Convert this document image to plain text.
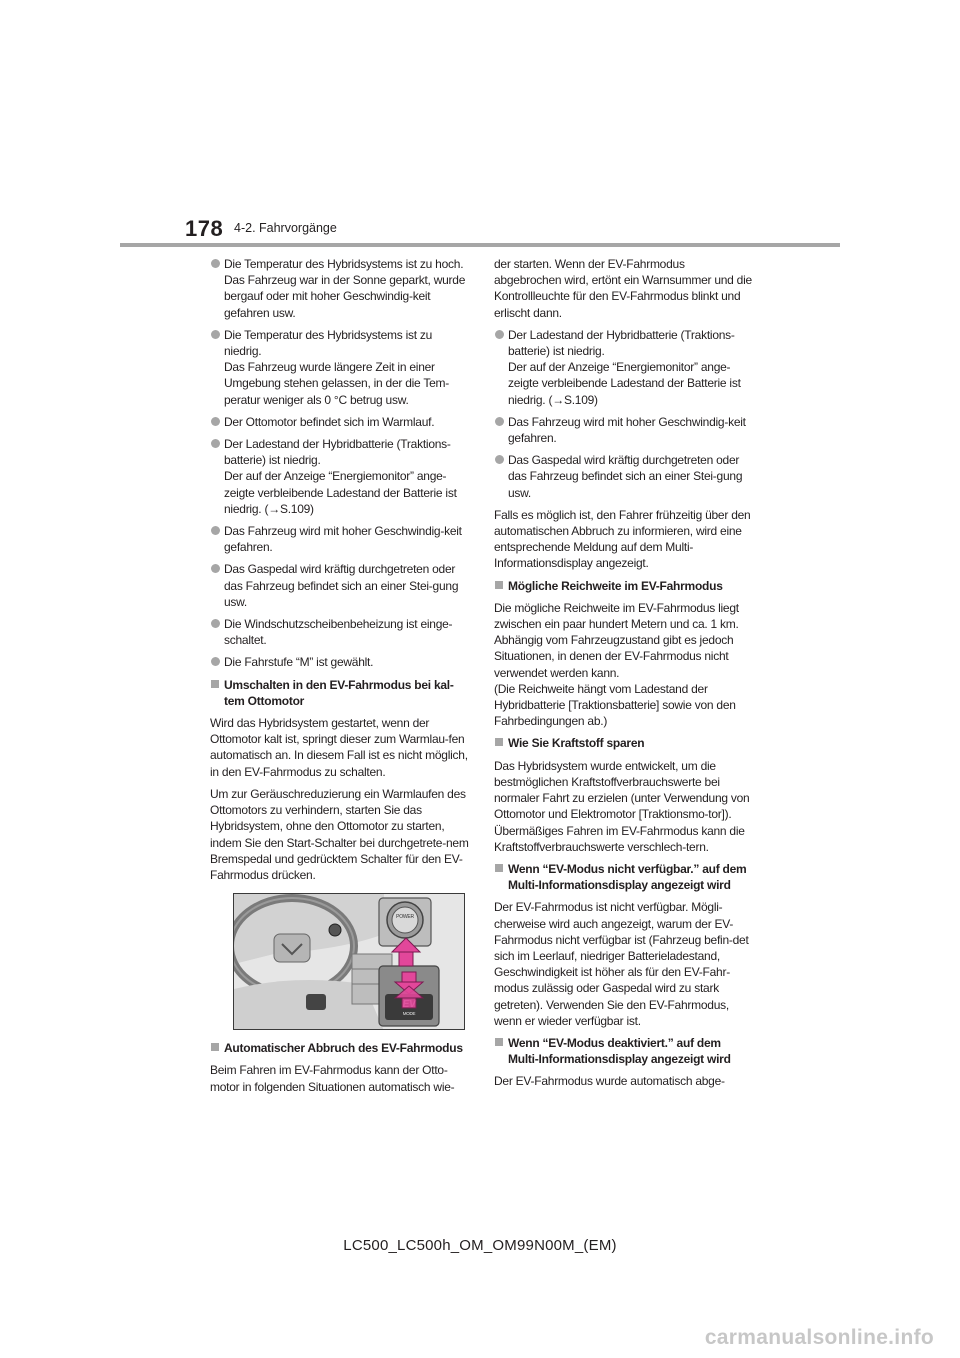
178 4-2. Fahrvorgänge
Die Temperatur des Hybridsystems ist zu hoch.
Das Fahrzeug war in der Sonne geparkt, wurde bergauf oder mit hoher Geschwindig-keit gefahren usw.
Die Temperatur des Hybridsystems ist zu niedrig.
Das Fahrzeug wurde längere Zeit in einer Umgebung stehen gelassen, in der die Tem-peratur weniger als 0 °C betrug usw.
Der Ottomotor befindet sich im Warmlauf.
Der Ladestand der Hybridbatterie (Traktions-batterie) ist niedrig.
Der auf der Anzeige “Energiemonitor” ange-zeigte verbleibende Ladestand der Batterie ist niedrig. (→S.109)
Das Fahrzeug wird mit hoher Geschwindig-keit gefahren.
Das Gaspedal wird kräftig durchgetreten oder das Fahrzeug befindet sich an einer Stei-gung usw.
Die Windschutzscheibenbeheizung ist einge-schaltet.
Die Fahrstufe “M” ist gewählt.
Umschalten in den EV-Fahrmodus bei kal-tem Ottomotor
Wird das Hybridsystem gestartet, wenn der Ottomotor kalt ist, springt dieser zum Warmlau-fen automatisch an. In diesem Fall ist es nicht möglich, in den EV-Fahrmodus zu schalten.
Um zur Geräuschreduzierung ein Warmlaufen des Ottomotors zu verhindern, starten Sie das Hybridsystem, ohne den Ottomotor zu starten, indem Sie den Start-Schalter bei durchgetrete-nem Bremspedal und gedrücktem Schalter für den EV-Fahrmodus drücken.
POWER
MODE
Automatischer Abbruch des EV-Fahrmodus
Beim Fahren im EV-Fahrmodus kann der Otto-motor in folgenden Situationen automatisch wie-
der starten. Wenn der EV-Fahrmodus abgebrochen wird, ertönt ein Warnsummer und die Kontrollleuchte für den EV-Fahrmodus blinkt und erlischt dann.
Der Ladestand der Hybridbatterie (Traktions-batterie) ist niedrig.
Der auf der Anzeige “Energiemonitor” ange-zeigte verbleibende Ladestand der Batterie ist niedrig. (→S.109)
Das Fahrzeug wird mit hoher Geschwindig-keit gefahren.
Das Gaspedal wird kräftig durchgetreten oder das Fahrzeug befindet sich an einer Stei-gung usw.
Falls es möglich ist, den Fahrer frühzeitig über den automatischen Abbruch zu informieren, wird eine entsprechende Meldung auf dem Multi-Informationsdisplay angezeigt.
Mögliche Reichweite im EV-Fahrmodus
Die mögliche Reichweite im EV-Fahrmodus liegt zwischen ein paar hundert Metern und ca. 1 km. Abhängig vom Fahrzeugzustand gibt es jedoch Situationen, in denen der EV-Fahrmodus nicht verwendet werden kann.
(Die Reichweite hängt vom Ladestand der Hybridbatterie [Traktionsbatterie] sowie von den Fahrbedingungen ab.)
Wie Sie Kraftstoff sparen
Das Hybridsystem wurde entwickelt, um die bestmöglichen Kraftstoffverbrauchswerte bei normaler Fahrt zu erzielen (unter Verwendung von Ottomotor und Elektromotor [Traktionsmo-tor]). Übermäßiges Fahren im EV-Fahrmodus kann die Kraftstoffverbrauchswerte verschlech-tern.
Wenn “EV-Modus nicht verfügbar.” auf dem Multi-Informationsdisplay angezeigt wird
Der EV-Fahrmodus ist nicht verfügbar. Mögli-cherweise wird auch angezeigt, warum der EV-Fahrmodus nicht verfügbar ist (Fahrzeug befin-det sich im Leerlauf, niedriger Batterieladestand, Geschwindigkeit ist höher als für den EV-Fahr-modus zulässig oder Gaspedal wird zu stark getreten). Verwenden Sie den EV-Fahrmodus, wenn er wieder verfügbar ist.
Wenn “EV-Modus deaktiviert.” auf dem Multi-Informationsdisplay angezeigt wird
Der EV-Fahrmodus wurde automatisch abge-
LC500_LC500h_OM_OM99N00M_(EM)
carmanualsonline.info
